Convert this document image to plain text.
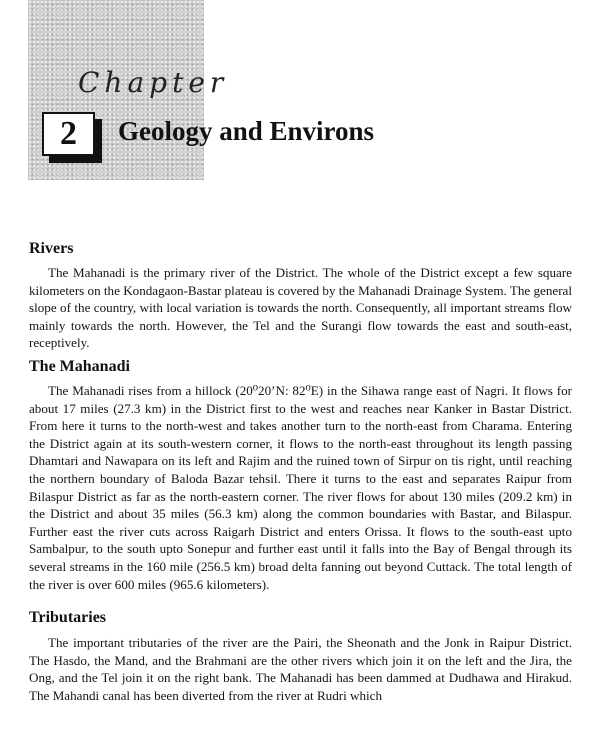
Chapter
2	Geology and Environs
Rivers

The Mahanadi is the primary river of the District. The whole of the District except a few square kilometers on the Kondagaon-Bastar plateau is covered by the Mahanadi Drainage System. The general slope of the country, with local variation is towards the north. Consequently, all important streams flow mainly towards the north. However, the Tel and the Surangi flow towards the east and south-east, receptively.

The Mahanadi

The Mahanadi rises from a hillock (20⁰20’N: 82⁰E) in the Sihawa range east of Nagri. It flows for about 17 miles (27.3 km) in the District first to the west and reaches near Kanker in Bastar District. From here it turns to the north-west and takes another turn to the north-east from Charama. Entering the District again at its south-western corner, it flows to the north-east throughout its length passing Dhamtari and Nawapara on its left and Rajim and the ruined town of Sirpur on tis right, until reaching the northern boundary of Baloda Bazar tehsil. There it turns to the east and separates Raipur from Bilaspur District as far as the north-eastern corner. The river flows for about 130 miles (209.2 km) in the District and about 35 miles (56.3 km) along the common boundaries with Bastar, and Bilaspur. Further east the river cuts across Raigarh District and enters Orissa. It flows to the south-east upto Sambalpur, to the south upto Sonepur and further east until it falls into the Bay of Bengal through its several streams in the 160 mile (256.5 km) broad delta fanning out beyond Cuttack. The total length of the river is over 600 miles (965.6 kilometers).

Tributaries

The important tributaries of the river are the Pairi, the Sheonath and the Jonk in Raipur District. The Hasdo, the Mand, and the Brahmani are the other rivers which join it on the left and the Jira, the Ong, and the Tel join it on the right bank. The Mahanadi has been dammed at Dudhawa and Hirakud. The Mahandi canal has been diverted from the river at Rudri which
